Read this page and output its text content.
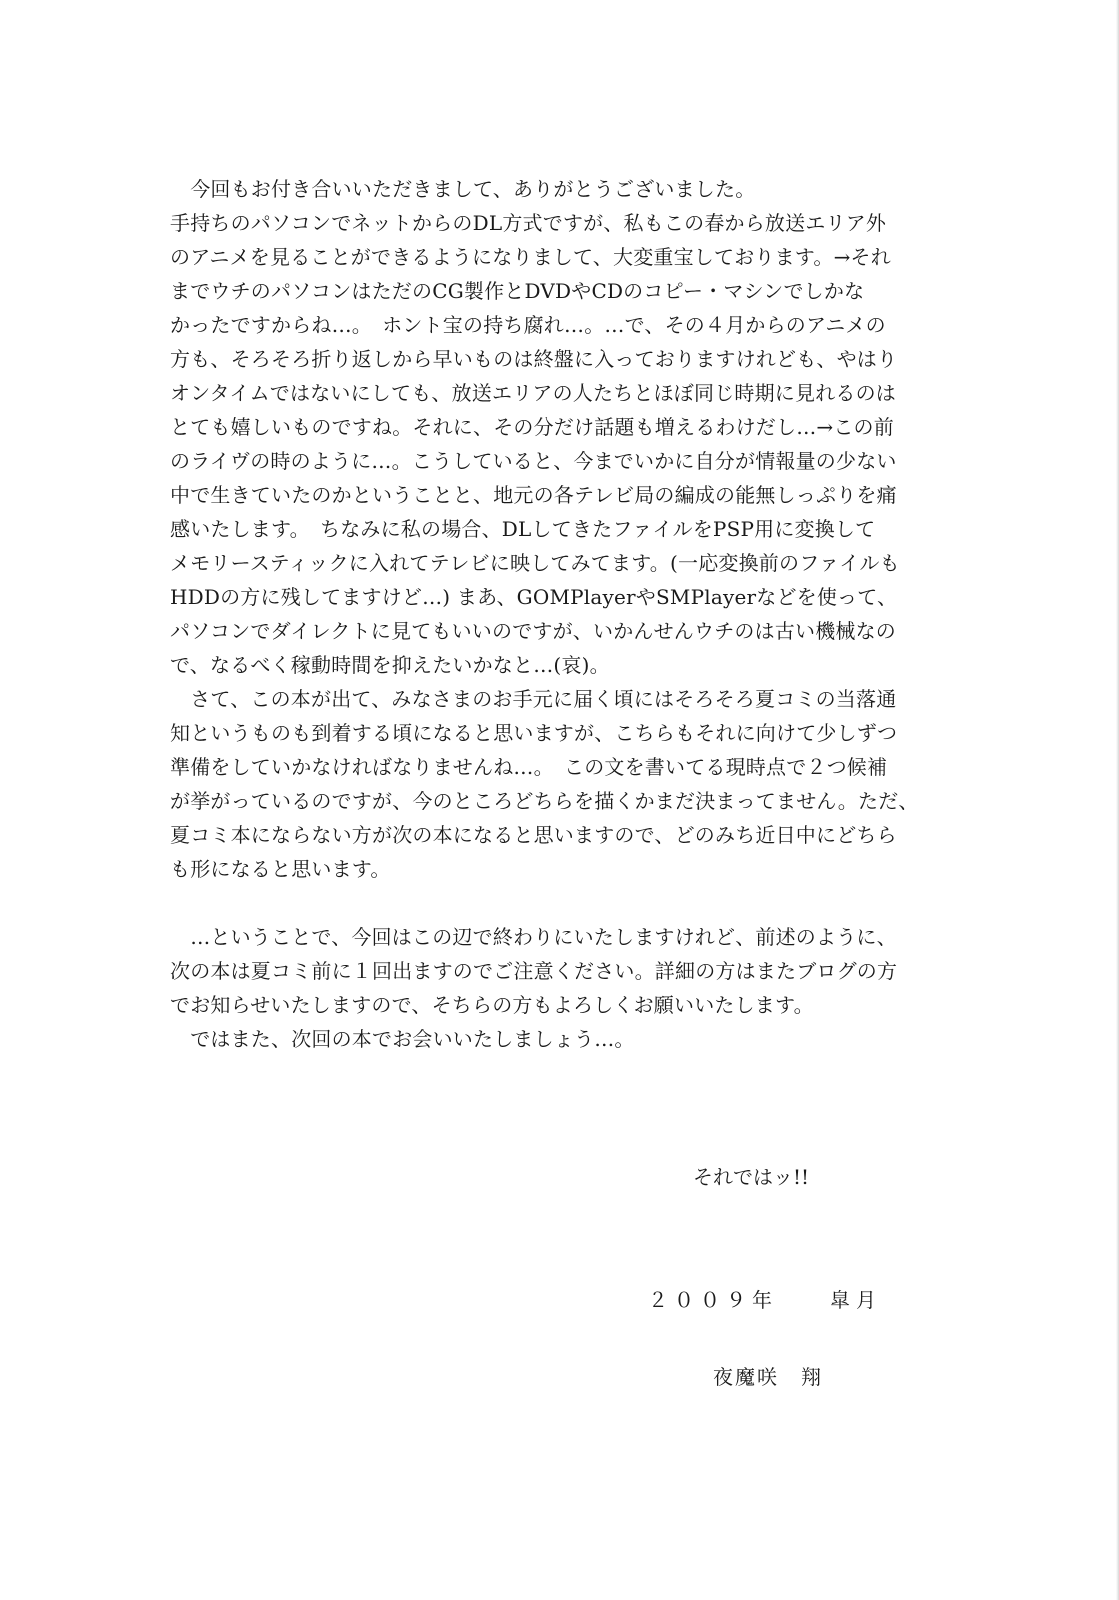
　今回もお付き合いいただきまして、ありがとうございました。
手持ちのパソコンでネットからのDL方式ですが、私もこの春から放送エリア外
のアニメを見ることができるようになりまして、大変重宝しております。→それ
までウチのパソコンはただのCG製作とDVDやCDのコピー・マシンでしかな
かったですからね…。　ホント宝の持ち腐れ…。…で、その４月からのアニメの
方も、そろそろ折り返しから早いものは終盤に入っておりますけれども、やはり
オンタイムではないにしても、放送エリアの人たちとほぼ同じ時期に見れるのは
とても嬉しいものですね。それに、その分だけ話題も増えるわけだし…→この前
のライヴの時のように…。こうしていると、今までいかに自分が情報量の少ない
中で生きていたのかということと、地元の各テレビ局の編成の能無しっぷりを痛
感いたします。　ちなみに私の場合、DLしてきたファイルをPSP用に変換して
メモリースティックに入れてテレビに映してみてます。(一応変換前のファイルも
HDDの方に残してますけど…) まあ、GOMPlayerやSMPlayerなどを使って、
パソコンでダイレクトに見てもいいのですが、いかんせんウチのは古い機械なの
で、なるべく稼動時間を抑えたいかなと…(哀)。
　さて、この本が出て、みなさまのお手元に届く頃にはそろそろ夏コミの当落通
知というものも到着する頃になると思いますが、こちらもそれに向けて少しずつ
準備をしていかなければなりませんね…。　この文を書いてる現時点で２つ候補
が挙がっているのですが、今のところどちらを描くかまだ決まってません。ただ、
夏コミ本にならない方が次の本になると思いますので、どのみち近日中にどちら
も形になると思います。
　…ということで、今回はこの辺で終わりにいたしますけれど、前述のように、
次の本は夏コミ前に１回出ますのでご注意ください。詳細の方はまたブログの方
でお知らせいたしますので、そちらの方もよろしくお願いいたします。
　ではまた、次回の本でお会いいたしましょう…。
それではッ!!
２００９年　　皐月
夜魔咲　翔
